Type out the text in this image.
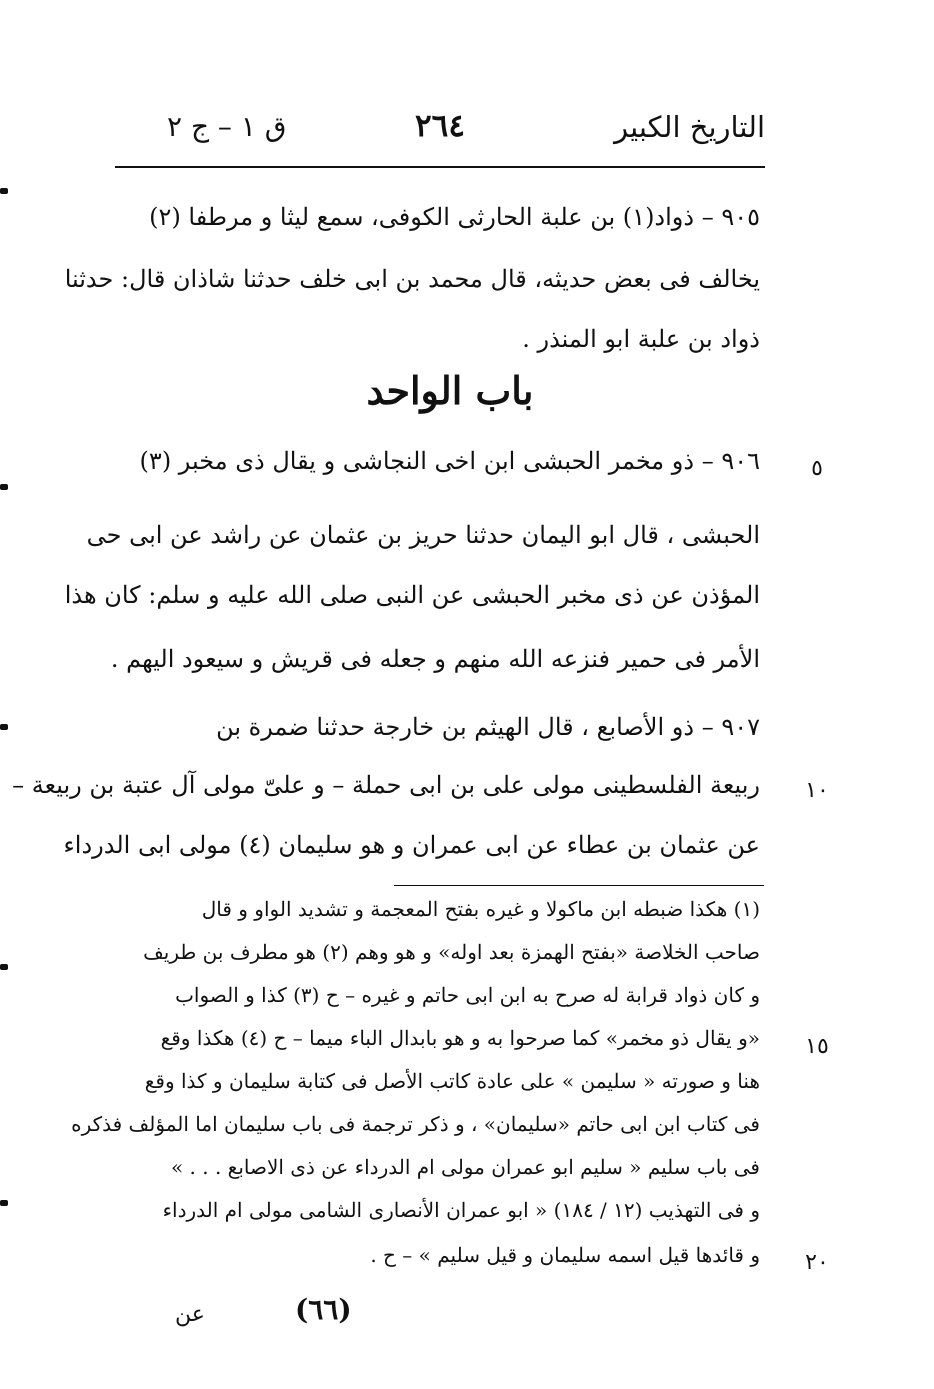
التاريخ الكبير
٢٦٤
ق ١ – ج ٢
٩٠٥ – ذواد(١) بن علبة الحارثى الكوفى، سمع ليثا و مرطفا (٢)
يخالف فى بعض حديثه، قال محمد بن ابى خلف حدثنا شاذان قال: حدثنا
ذواد بن علبة ابو المنذر .
باب الواحد
٥
٩٠٦ – ذو مخمر الحبشى ابن اخى النجاشى و يقال ذى مخبر (٣)
الحبشى ، قال ابو اليمان حدثنا حريز بن عثمان عن راشد عن ابى حى
المؤذن عن ذى مخبر الحبشى عن النبى صلى الله عليه و سلم: كان هذا
الأمر فى حمير فنزعه الله منهم و جعله فى قريش و سيعود اليهم .
٩٠٧ – ذو الأصابع ، قال الهيثم بن خارجة حدثنا ضمرة بن
١٠
ربيعة الفلسطينى مولى على بن ابى حملة – و علىّ مولى آل عتبة بن ربيعة –
عن عثمان بن عطاء عن ابى عمران و هو سليمان (٤) مولى ابى الدرداء
(١) هكذا ضبطه ابن ماكولا و غيره بفتح المعجمة و تشديد الواو و قال
صاحب الخلاصة «بفتح الهمزة بعد اوله» و هو وهم (٢) هو مطرف بن طريف
و كان ذواد قرابة له صرح به ابن ابى حاتم و غيره – ح (٣) كذا و الصواب
١٥
«و يقال ذو مخمر» كما صرحوا به و هو بابدال الباء ميما – ح (٤) هكذا وقع
هنا و صورته « سليمن » على عادة كاتب الأصل فى كتابة سليمان و كذا وقع
فى كتاب ابن ابى حاتم «سليمان» ، و ذكر ترجمة فى باب سليمان اما المؤلف فذكره
فى باب سليم « سليم ابو عمران مولى ام الدرداء عن ذى الاصابع . . . »
و فى التهذيب (١٢ / ١٨٤) « ابو عمران الأنصارى الشامى مولى ام الدرداء
٢٠
و قائدها قيل اسمه سليمان و قيل سليم » – ح .
(٦٦)
عن
